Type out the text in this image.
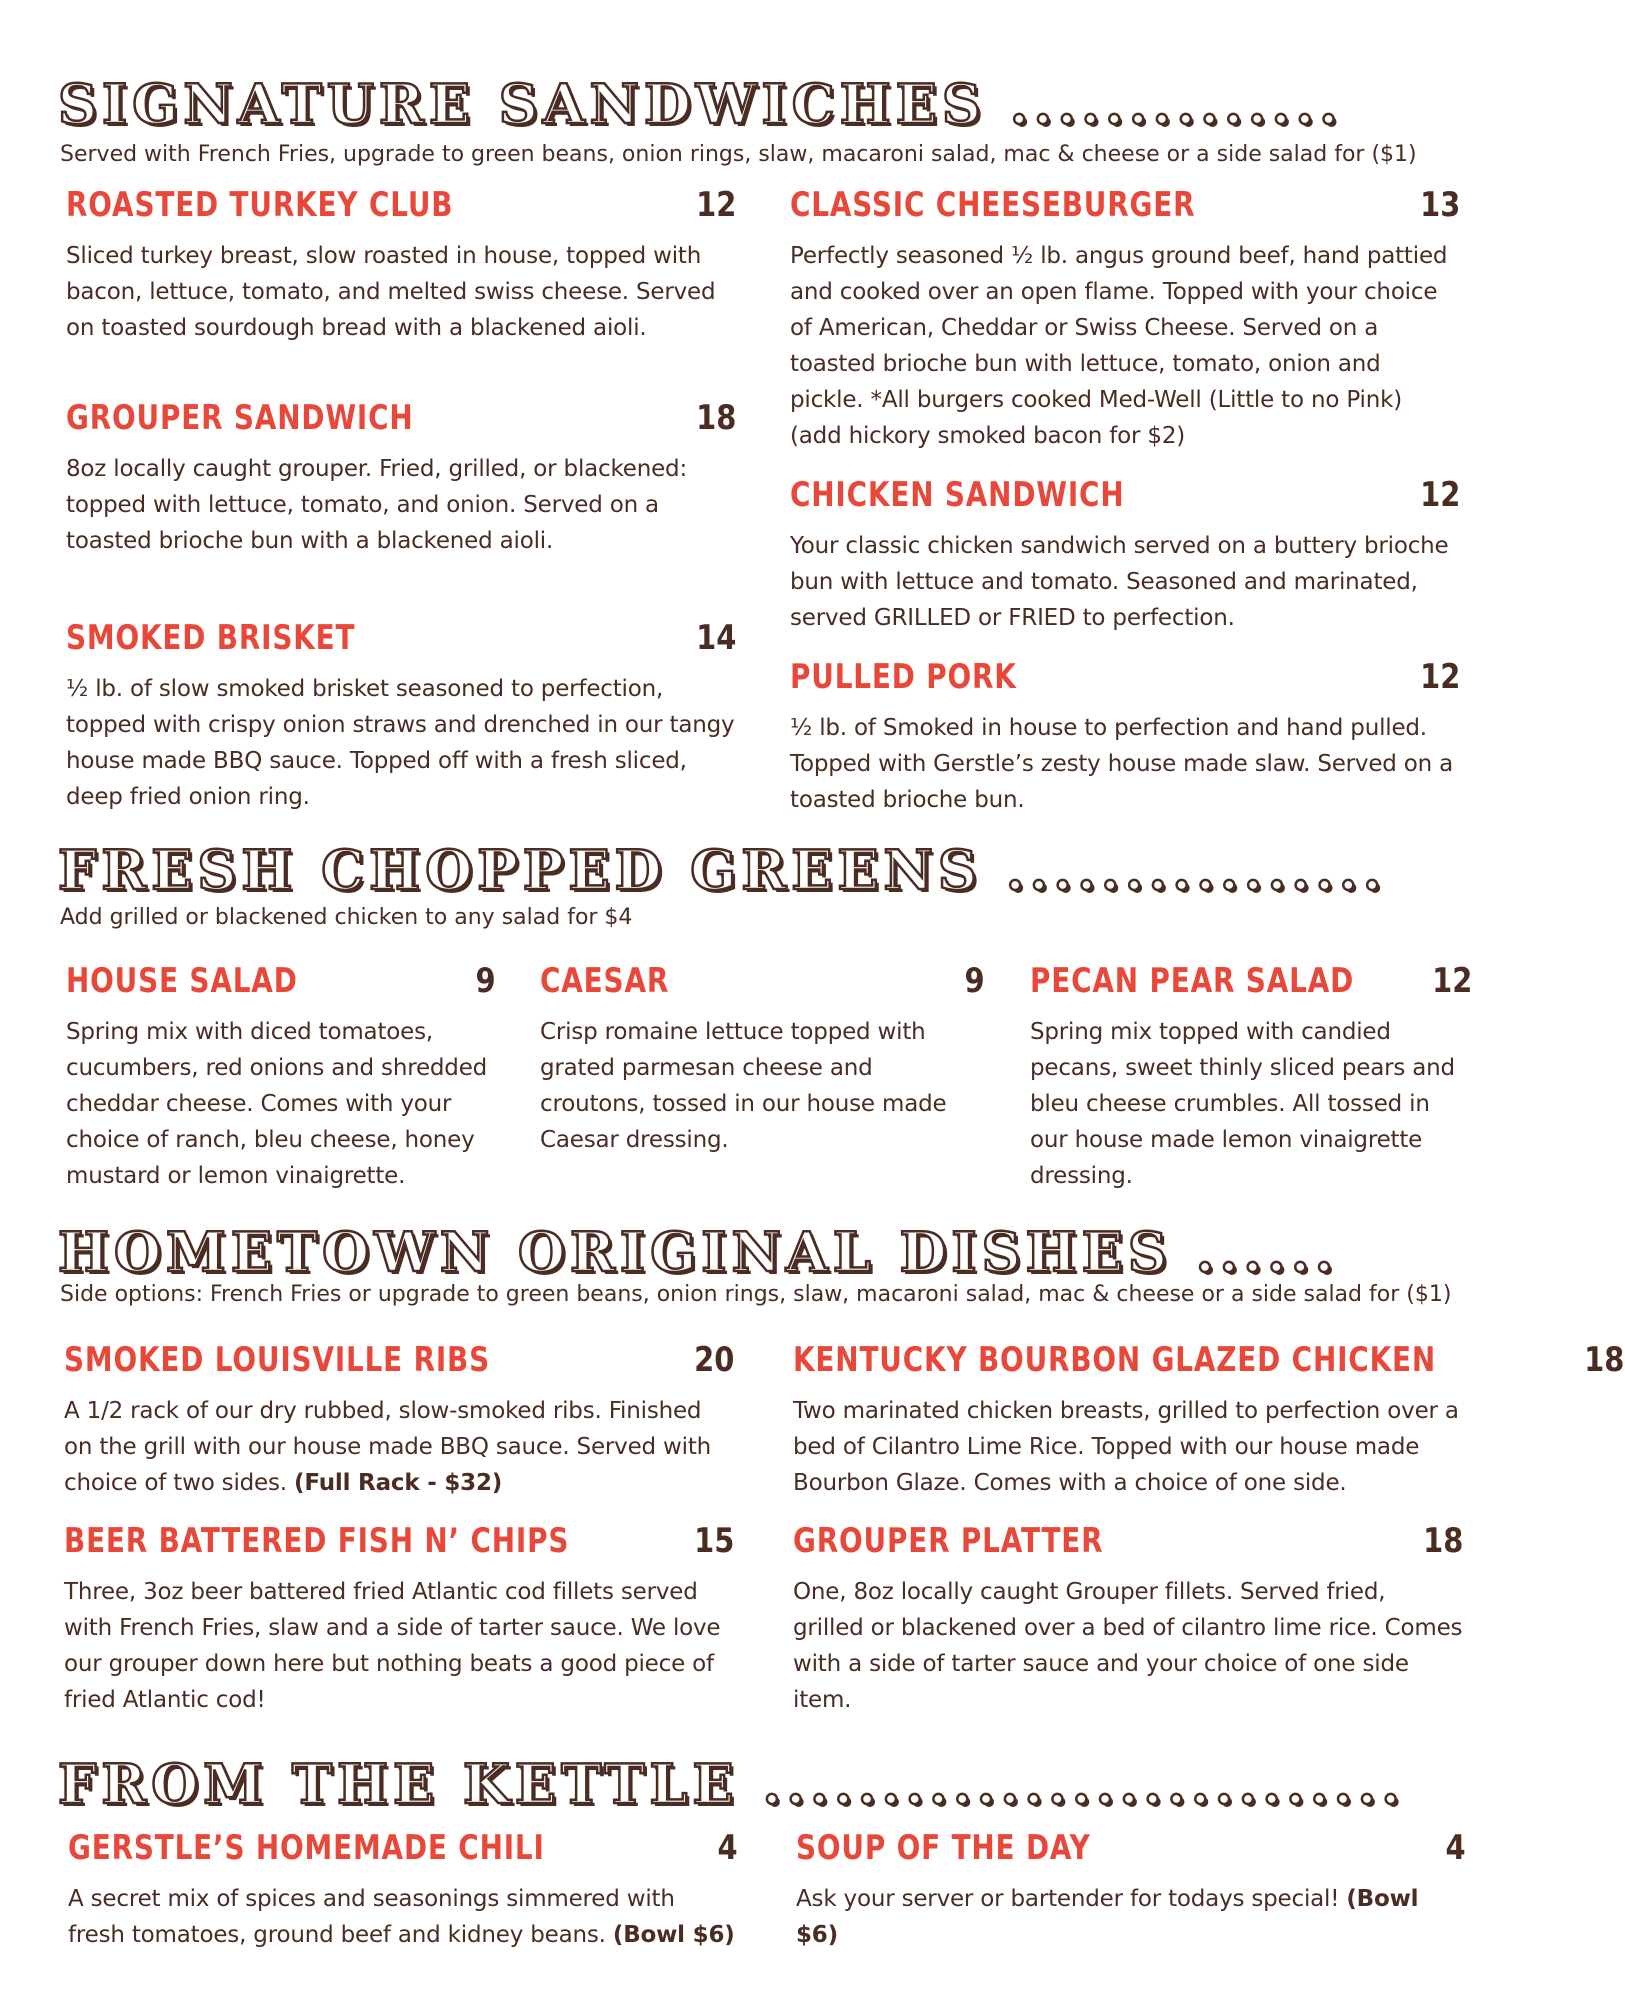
SIGNATURE SANDWICHES ..............

Served with French Fries, upgrade to green beans, onion rings, slaw, macaroni salad, mac & cheese or a side salad for ($1)

ROASTED TURKEY CLUB	12

Sliced turkey breast, slow roasted in house, topped with bacon, lettuce, tomato, and melted swiss cheese. Served on toasted sourdough bread with a blackened aioli.

GROUPER SANDWICH	18

8oz locally caught grouper. Fried, grilled, or blackened: topped with lettuce, tomato, and onion. Served on a toasted brioche bun with a blackened aioli.

SMOKED BRISKET	14

½ lb. of slow smoked brisket seasoned to perfection, topped with crispy onion straws and drenched in our tangy house made BBQ sauce. Topped off with a fresh sliced, deep fried onion ring.

CLASSIC CHEESEBURGER	13

Perfectly seasoned ½ lb. angus ground beef, hand pattied and cooked over an open flame. Topped with your choice of American, Cheddar or Swiss Cheese. Served on a toasted brioche bun with lettuce, tomato, onion and pickle. *All burgers cooked Med-Well (Little to no Pink)
(add hickory smoked bacon for $2)

CHICKEN SANDWICH	12

Your classic chicken sandwich served on a buttery brioche bun with lettuce and tomato. Seasoned and marinated, served GRILLED or FRIED to perfection.

PULLED PORK	12

½ lb. of Smoked in house to perfection and hand pulled. Topped with Gerstle’s zesty house made slaw. Served on a toasted brioche bun.

FRESH CHOPPED GREENS ................

Add grilled or blackened chicken to any salad for $4

HOUSE SALAD	9

Spring mix with diced tomatoes, cucumbers, red onions and shredded cheddar cheese. Comes with your choice of ranch, bleu cheese, honey mustard or lemon vinaigrette.

CAESAR	9

Crisp romaine lettuce topped with grated parmesan cheese and croutons, tossed in our house made Caesar dressing.

PECAN PEAR SALAD 12

Spring mix topped with candied pecans, sweet thinly sliced pears and bleu cheese crumbles. All tossed in our house made lemon vinaigrette dressing.

HOMETOWN ORIGINAL DISHES ......

Side options: French Fries or upgrade to green beans, onion rings, slaw, macaroni salad, mac & cheese or a side salad for ($1)

SMOKED LOUISVILLE RIBS	20

A 1/2 rack of our dry rubbed, slow-smoked ribs. Finished on the grill with our house made BBQ sauce. Served with choice of two sides. (Full Rack - $32)

BEER BATTERED FISH N’ CHIPS	15

Three, 3oz beer battered fried Atlantic cod fillets served with French Fries, slaw and a side of tarter sauce. We love our grouper down here but nothing beats a good piece of fried Atlantic cod!

KENTUCKY BOURBON GLAZED CHICKEN	18

Two marinated chicken breasts, grilled to perfection over a bed of Cilantro Lime Rice. Topped with our house made Bourbon Glaze. Comes with a choice of one side.

GROUPER PLATTER	18

One, 8oz locally caught Grouper fillets. Served fried, grilled or blackened over a bed of cilantro lime rice. Comes with a side of tarter sauce and your choice of one side item.

FROM THE KETTLE ...........................
GERSTLE’S HOMEMADE CHILI	4

A secret mix of spices and seasonings simmered with fresh tomatoes, ground beef and kidney beans. (Bowl $6)

SOUP OF THE DAY	4

Ask your server or bartender for todays special! (Bowl $6)
